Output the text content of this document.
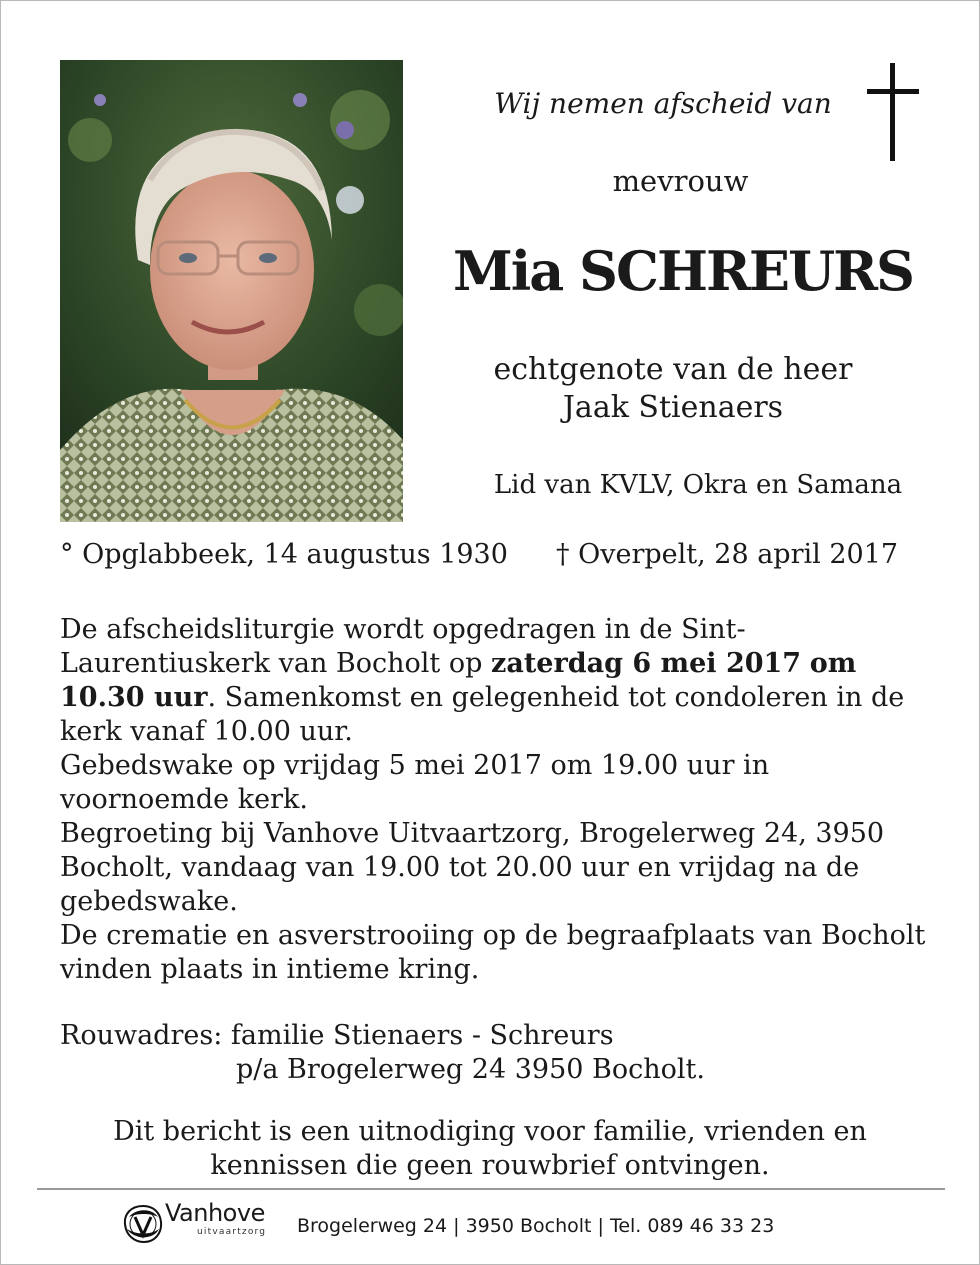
Wij nemen afscheid van
mevrouw
Mia SCHREURS
echtgenote van de heer
Jaak Stienaers
Lid van KVLV, Okra en Samana
° Opglabbeek, 14 augustus 1930 † Overpelt, 28 april 2017

De afscheidsliturgie wordt opgedragen in de Sint-Laurentiuskerk van Bocholt op zaterdag 6 mei 2017 om 10.30 uur. Samenkomst en gelegenheid tot condoleren in de kerk vanaf 10.00 uur.

Gebedswake op vrijdag 5 mei 2017 om 19.00 uur in voornoemde kerk.

Begroeting bij Vanhove Uitvaartzorg, Brogelerweg 24, 3950 Bocholt, vandaag van 19.00 tot 20.00 uur en vrijdag na de gebedswake.

De crematie en asverstrooiing op de begraafplaats van Bocholt vinden plaats in intieme kring.

Rouwadres: familie Stienaers - Schreurs
p/a Brogelerweg 24 3950 Bocholt.
Dit bericht is een uitnodiging voor familie, vrienden en
kennissen die geen rouwbrief ontvingen.
Vanhove
uitvaartzorg Brogelerweg 24 | 3950 Bocholt | Tel. 089 46 33 23
